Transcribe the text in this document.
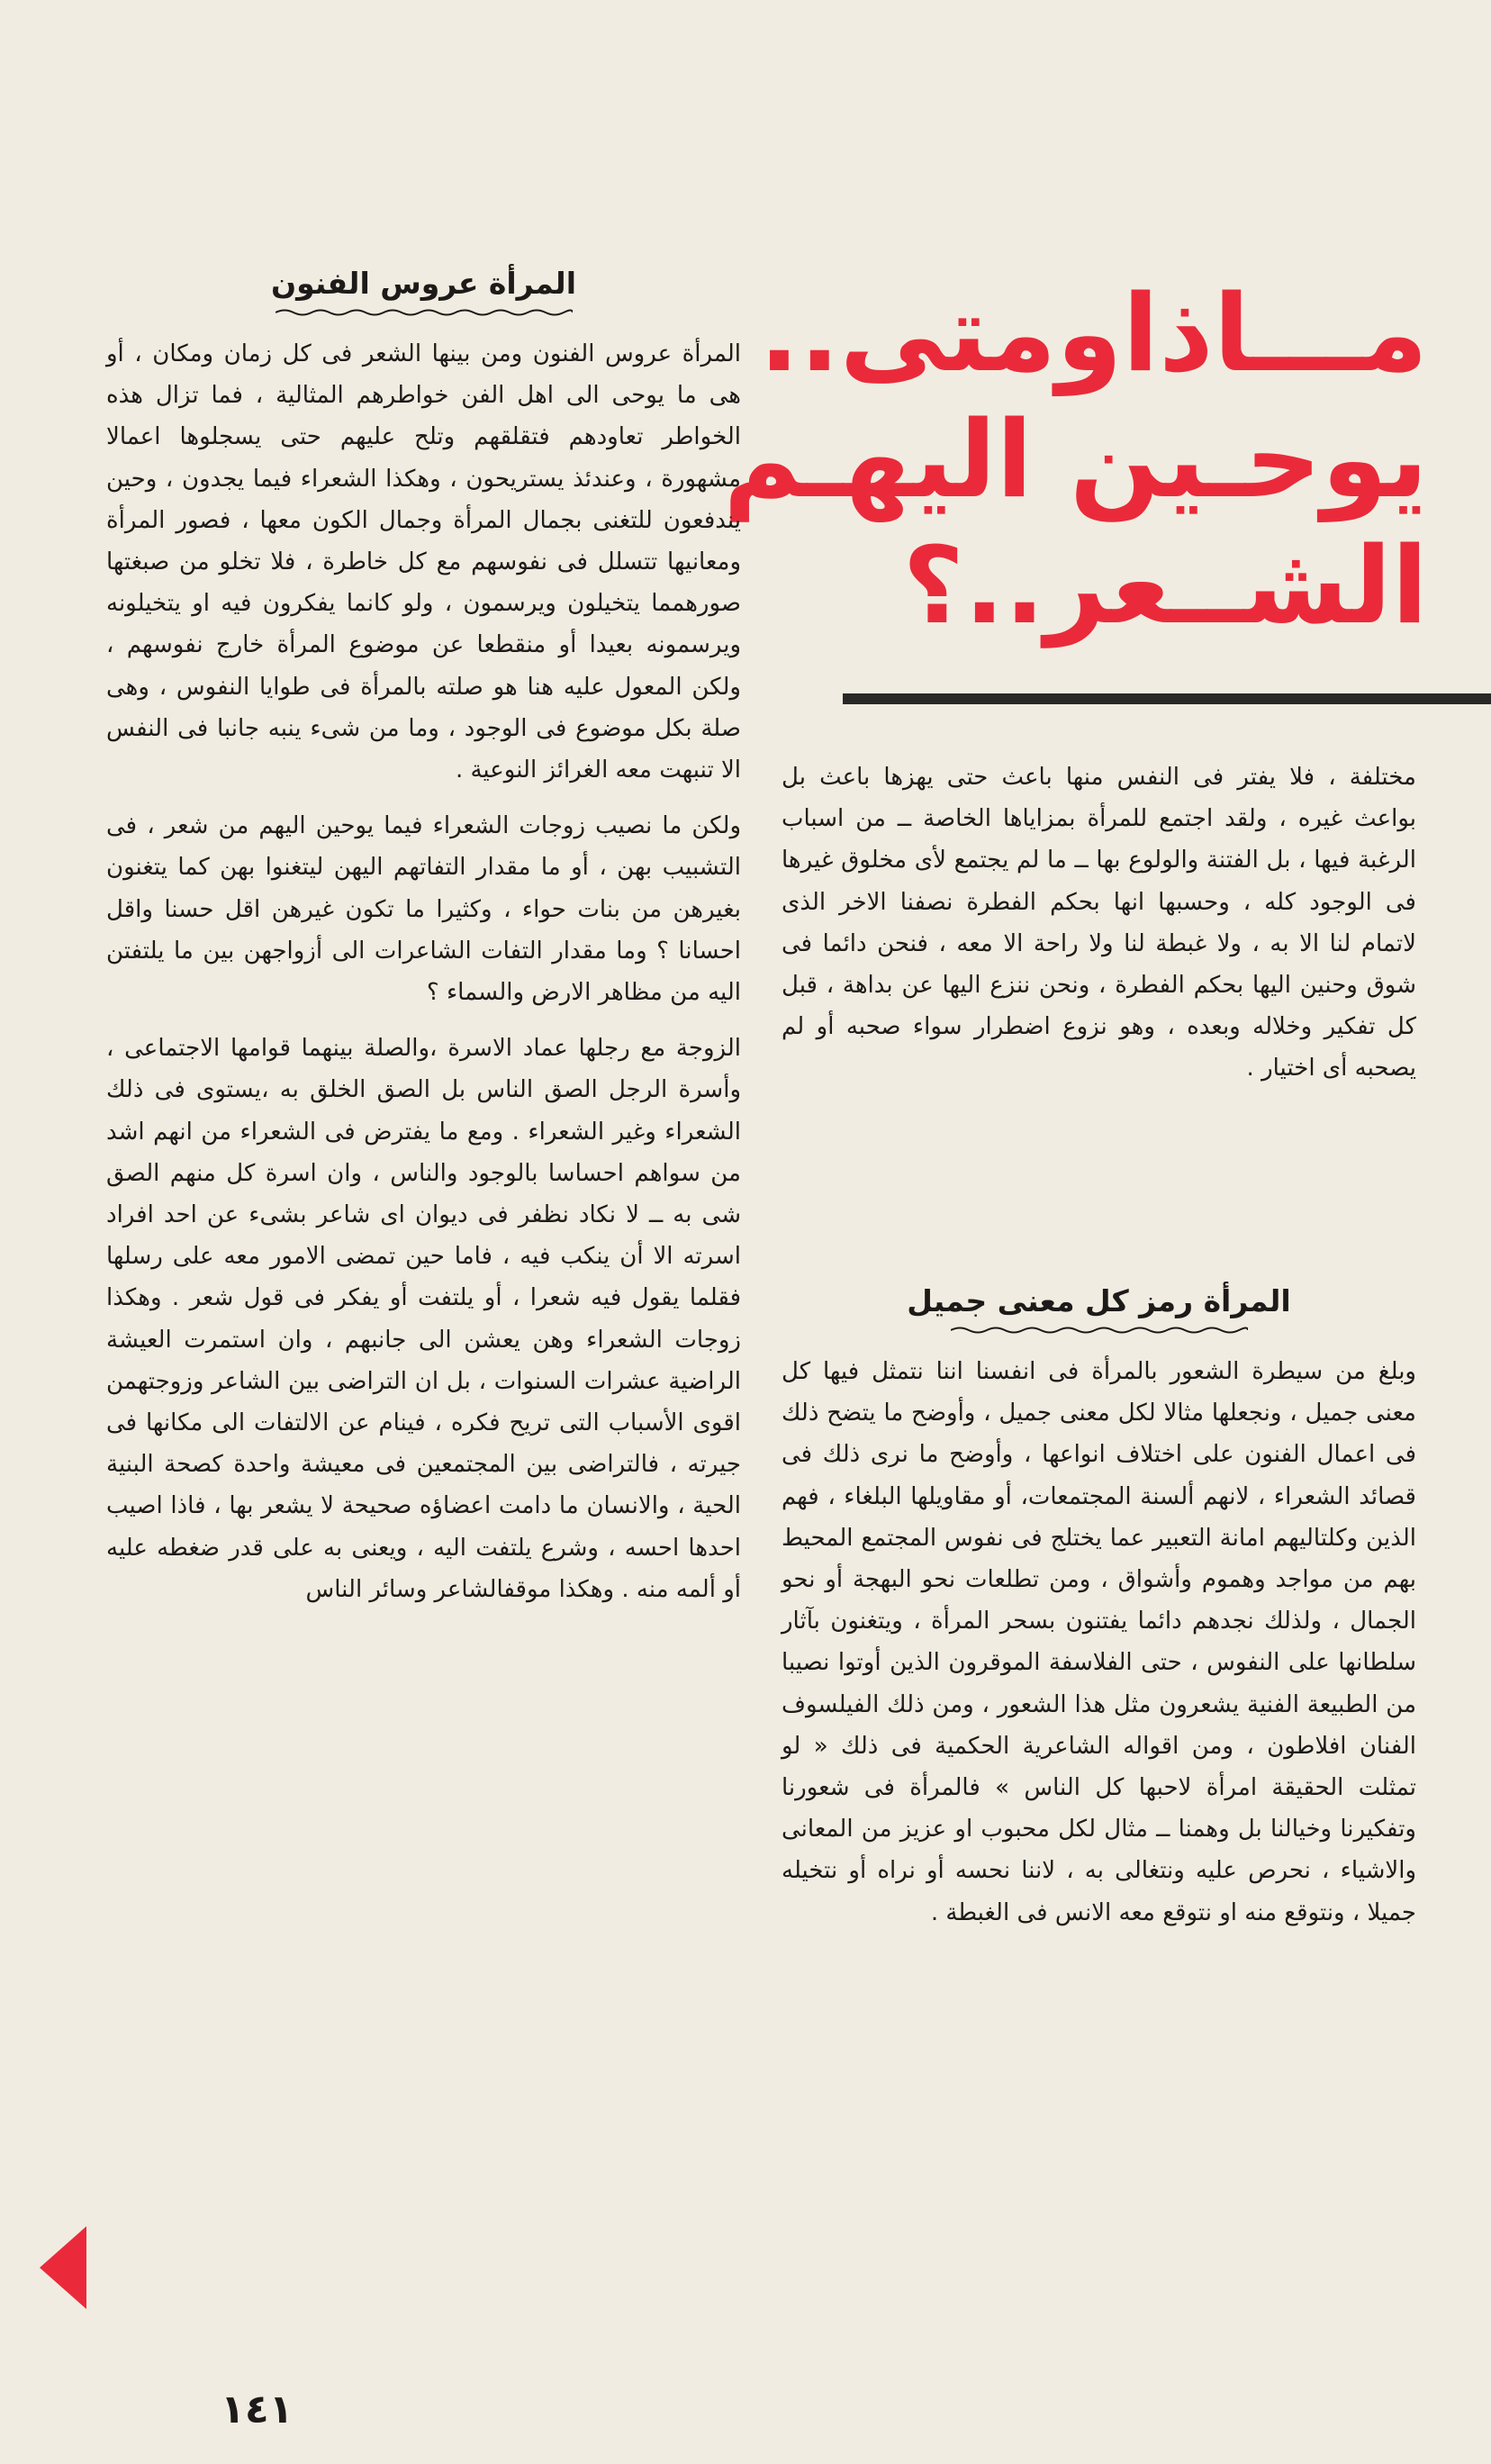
مـــاذاومتى..
يوحـين اليهـم
الشــعر..؟
المرأة عروس الفنون

المرأة عروس الفنون ومن بينها الشعر فى كل زمان ومكان ، أو هى ما يوحى الى اهل الفن خواطرهم المثالية ، فما تزال هذه الخواطر تعاودهم فتقلقهم وتلح عليهم حتى يسجلوها اعمالا مشهورة ، وعندئذ يستريحون ، وهكذا الشعراء فيما يجدون ، وحين يندفعون للتغنى بجمال المرأة وجمال الكون معها ، فصور المرأة ومعانيها تتسلل فى نفوسهم مع كل خاطرة ، فلا تخلو من صبغتها صورهمما يتخيلون ويرسمون ، ولو كانما يفكرون فيه او يتخيلونه ويرسمونه بعيدا أو منقطعا عن موضوع المرأة خارج نفوسهم ، ولكن المعول عليه هنا هو صلته بالمرأة فى طوايا النفوس ، وهى صلة بكل موضوع فى الوجود ، وما من شىء ينبه جانبا فى النفس الا تنبهت معه الغرائز النوعية .

ولكن ما نصيب زوجات الشعراء فيما يوحين اليهم من شعر ، فى التشبيب بهن ، أو ما مقدار التفاتهم اليهن ليتغنوا بهن كما يتغنون بغيرهن من بنات حواء ، وكثيرا ما تكون غيرهن اقل حسنا واقل احسانا ؟ وما مقدار التفات الشاعرات الى أزواجهن بين ما يلتفتن اليه من مظاهر الارض والسماء ؟

الزوجة مع رجلها عماد الاسرة ،والصلة بينهما قوامها الاجتماعى ، وأسرة الرجل الصق الناس بل الصق الخلق به ،يستوى فى ذلك الشعراء وغير الشعراء . ومع ما يفترض فى الشعراء من انهم اشد من سواهم احساسا بالوجود والناس ، وان اسرة كل منهم الصق شى به ــ لا نكاد نظفر فى ديوان اى شاعر بشىء عن احد افراد اسرته الا أن ينكب فيه ، فاما حين تمضى الامور معه على رسلها فقلما يقول فيه شعرا ، أو يلتفت أو يفكر فى قول شعر . وهكذا زوجات الشعراء وهن يعشن الى جانبهم ، وان استمرت العيشة الراضية عشرات السنوات ، بل ان التراضى بين الشاعر وزوجتهمن اقوى الأسباب التى تريح فكره ، فينام عن الالتفات الى مكانها فى جيرته ، فالتراضى بين المجتمعين فى معيشة واحدة كصحة البنية الحية ، والانسان ما دامت اعضاؤه صحيحة لا يشعر بها ، فاذا اصيب احدها احسه ، وشرع يلتفت اليه ، ويعنى به على قدر ضغطه عليه أو ألمه منه . وهكذا موقفالشاعر وسائر الناس

مختلفة ، فلا يفتر فى النفس منها باعث حتى يهزها باعث بل بواعث غيره ، ولقد اجتمع للمرأة بمزاياها الخاصة ــ من اسباب الرغبة فيها ، بل الفتنة والولوع بها ــ ما لم يجتمع لأى مخلوق غيرها فى الوجود كله ، وحسبها انها بحكم الفطرة نصفنا الاخر الذى لاتمام لنا الا به ، ولا غبطة لنا ولا راحة الا معه ، فنحن دائما فى شوق وحنين اليها بحكم الفطرة ، ونحن ننزع اليها عن بداهة ، قبل كل تفكير وخلاله وبعده ، وهو نزوع اضطرار سواء صحبه أو لم يصحبه أى اختيار .

المرأة رمز كل معنى جميل

وبلغ من سيطرة الشعور بالمرأة فى انفسنا اننا نتمثل فيها كل معنى جميل ، ونجعلها مثالا لكل معنى جميل ، وأوضح ما يتضح ذلك فى اعمال الفنون على اختلاف انواعها ، وأوضح ما نرى ذلك فى قصائد الشعراء ، لانهم ألسنة المجتمعات، أو مقاويلها البلغاء ، فهم الذين وكلتاليهم امانة التعبير عما يختلج فى نفوس المجتمع المحيط بهم من مواجد وهموم وأشواق ، ومن تطلعات نحو البهجة أو نحو الجمال ، ولذلك نجدهم دائما يفتنون بسحر المرأة ، ويتغنون بآثار سلطانها على النفوس ، حتى الفلاسفة الموقرون الذين أوتوا نصيبا من الطبيعة الفنية يشعرون مثل هذا الشعور ، ومن ذلك الفيلسوف الفنان افلاطون ، ومن اقواله الشاعرية الحكمية فى ذلك « لو تمثلت الحقيقة امرأة لاحبها كل الناس » فالمرأة فى شعورنا وتفكيرنا وخيالنا بل وهمنا ــ مثال لكل محبوب او عزيز من المعانى والاشياء ، نحرص عليه ونتغالى به ، لاننا نحسه أو نراه أو نتخيله جميلا ، ونتوقع منه او نتوقع معه الانس فى الغبطة .

١٤١
